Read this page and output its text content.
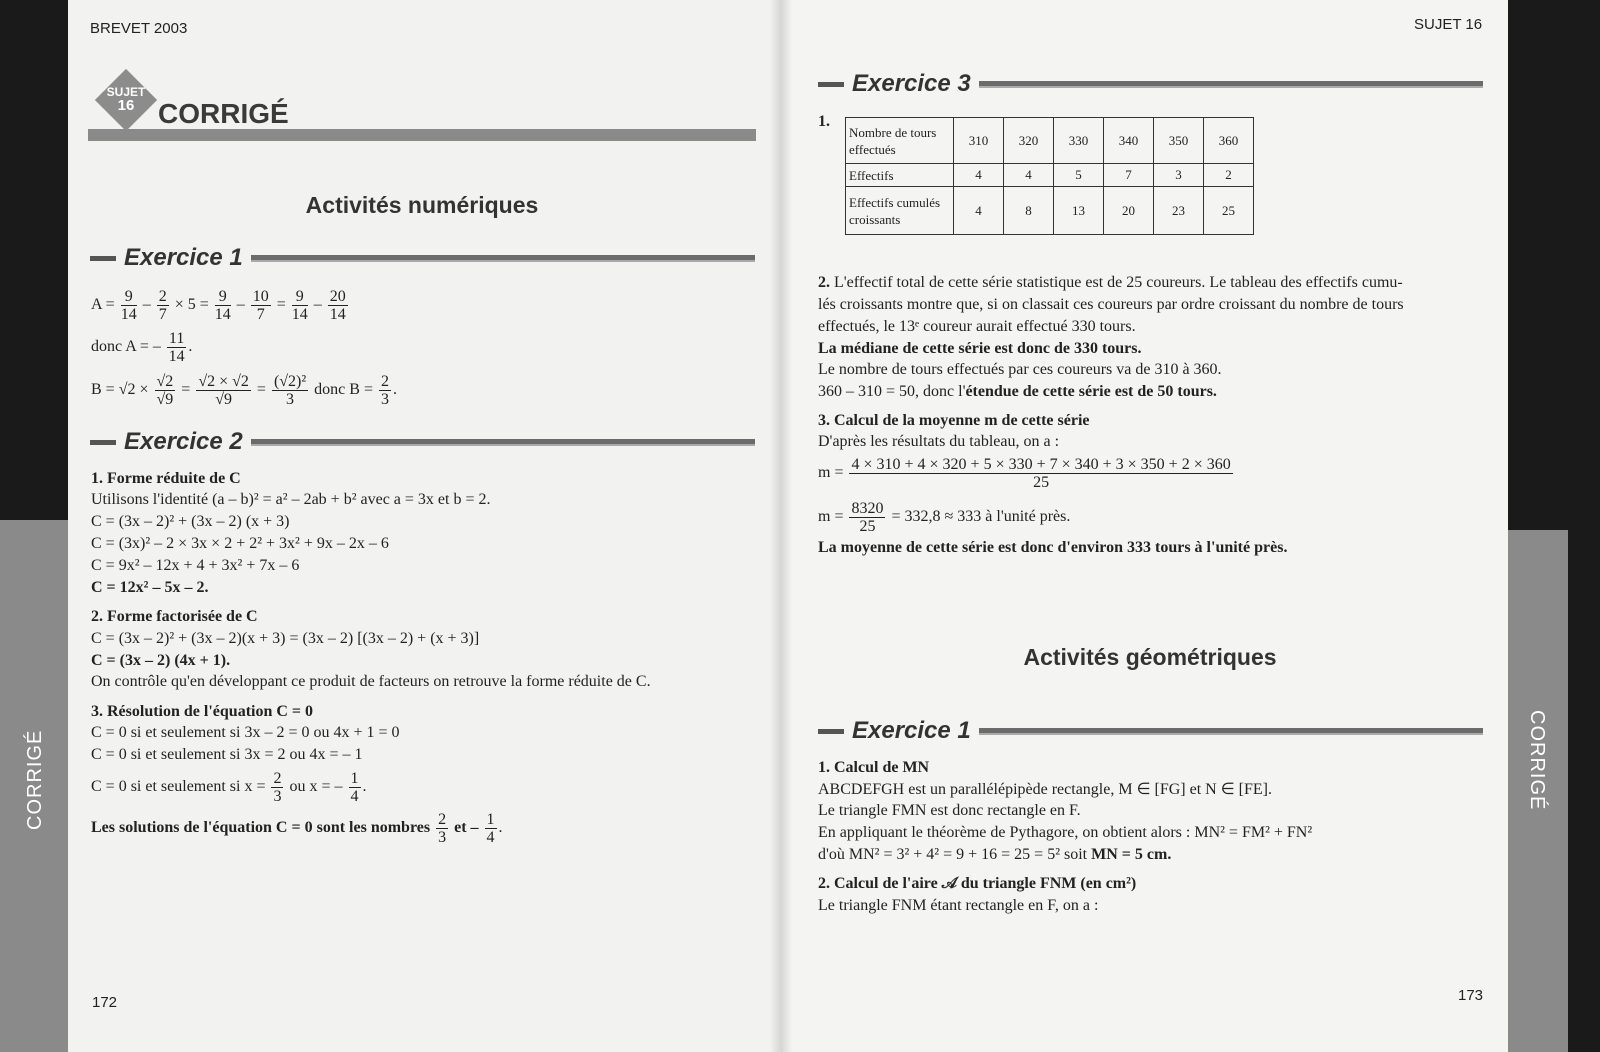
CORRIGÉ	CORRIGÉ
BREVET 2003	SUJET 16
172	173
SUJET
16 CORRIGÉ
Activités numériques
Exercice 1
Exercice 2
$A = \frac{9}{14} - \frac{2}{7} \times 5 = \frac{9}{14} - \frac{10}{7} = \frac{9}{14} - \frac{20}{14}$
donc A = – $\frac{11}{14}$ .
$B = √2 \times \frac{√2}{√9} = \frac{√2 \times √2}{√9} = \frac{\text{(√2)²}}{3}$ donc $B = \frac{2}{3}$ .
1. Forme réduite de C
Utilisons l'identité (a – b)² = a² – 2ab + b² avec a = 3x et b = 2.
C = (3x – 2)² + (3x – 2) (x + 3)
C = (3x)² – 2 × 3x × 2 + 2² + 3x² + 9x – 2x – 6
C = 9x² – 12x + 4 + 3x² + 7x – 6
C = 12x² – 5x – 2.
2. Forme factorisée de C
C = (3x – 2)² + (3x – 2)(x + 3) = (3x – 2) [(3x – 2) + (x + 3)]
C = (3x – 2) (4x + 1).
On contrôle qu'en développant ce produit de facteurs on retrouve la forme réduite de C.
3. Résolution de l'équation C = 0
C = 0 si et seulement si 3x – 2 = 0 ou 4x + 1 = 0
C = 0 si et seulement si 3x = 2 ou 4x = – 1
C = 0 si et seulement si $x = \frac{2}{3}$ ou x = – $\frac{1}{4}$ .
Les solutions de l'équation C = 0 sont les nombres $\frac{2}{3}$ et – $\frac{1}{4}$ .
Exercice 3
1.
Nombre de tours effectués	310	320	330	340	350	360
Effectifs	4	4	5	7	3	2
Effectifs cumulés croissants	4	8	13	20	23	25
2. L'effectif total de cette série statistique est de 25 coureurs. Le tableau des effectifs cumu-
lés croissants montre que, si on classait ces coureurs par ordre croissant du nombre de tours
effectués, le 13ᵉ coureur aurait effectué 330 tours.
La médiane de cette série est donc de 330 tours.
Le nombre de tours effectués par ces coureurs va de 310 à 360.
360 – 310 = 50, donc l'étendue de cette série est de 50 tours.
3. Calcul de la moyenne m de cette série
D'après les résultats du tableau, on a :
$m = \frac{4 \times 310 + 4 \times 320 + 5 \times 330 + 7 \times 340 + 3 \times 350 + 2 \times 360}{25}$
$m = \frac{8320}{25} = 332,8 \approx 333$ à l'unité près.
La moyenne de cette série est donc d'environ 333 tours à l'unité près.
Activités géométriques
Exercice 1
1. Calcul de MN
ABCDEFGH est un parallélépipède rectangle, M ∈ [FG] et N ∈ [FE].
Le triangle FMN est donc rectangle en F.
En appliquant le théorème de Pythagore, on obtient alors : MN² = FM² + FN²
d'où MN² = 3² + 4² = 9 + 16 = 25 = 5² soit MN = 5 cm.
2. Calcul de l'aire 𝒜 du triangle FNM (en cm²)
Le triangle FNM étant rectangle en F, on a :
